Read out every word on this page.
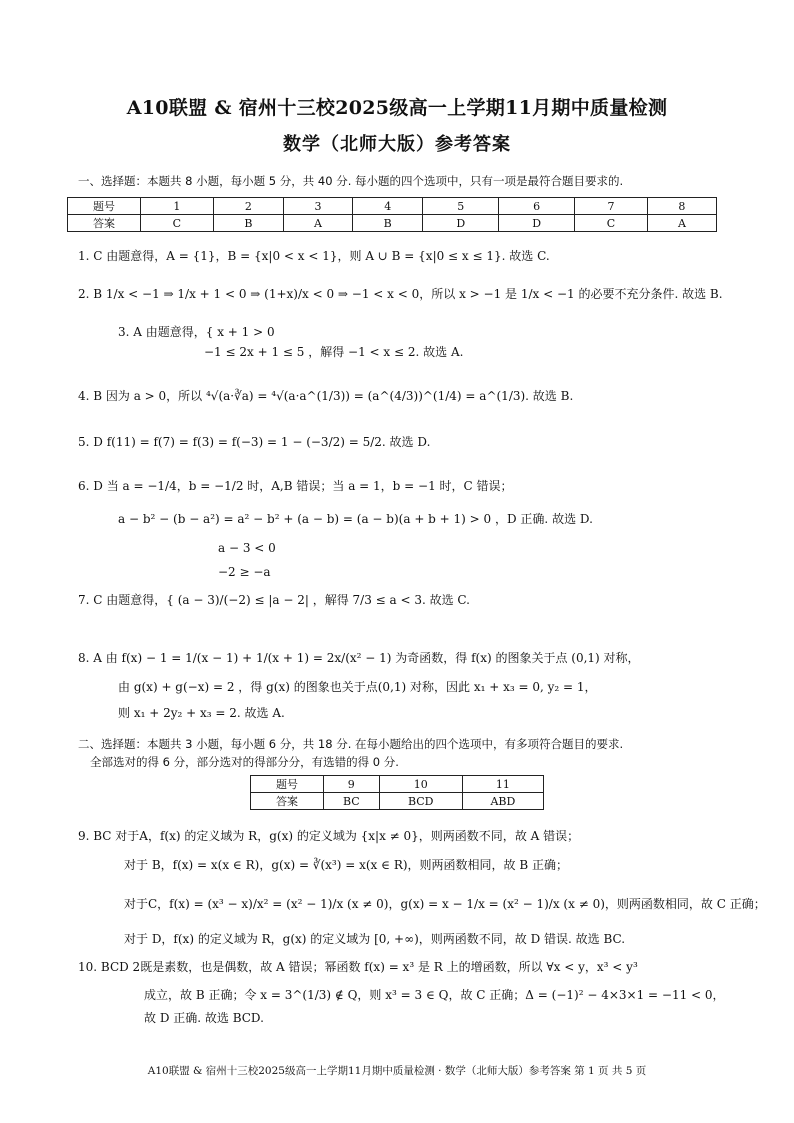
A10联盟 & 宿州十三校2025级高一上学期11月期中质量检测
数学（北师大版）参考答案
一、选择题：本题共 8 小题，每小题 5 分，共 40 分. 每小题的四个选项中，只有一项是最符合题目要求的.
题号	1	2	3	4	5	6	7	8
答案	C	B	A	B	D	D	C	A
1. C 由题意得，A = {1}，B = {x|0 < x < 1}，则 A ∪ B = {x|0 ≤ x ≤ 1}. 故选 C.
2. B 1/x < −1 ⇒ 1/x + 1 < 0 ⇒ (1+x)/x < 0 ⇒ −1 < x < 0，所以 x > −1 是 1/x < −1 的必要不充分条件. 故选 B.
3. A 由题意得，{ x + 1 > 0
−1 ≤ 2x + 1 ≤ 5 ，解得 −1 < x ≤ 2. 故选 A.
4. B 因为 a > 0，所以 ⁴√(a·∛a) = ⁴√(a·a^(1/3)) = (a^(4/3))^(1/4) = a^(1/3). 故选 B.
5. D f(11) = f(7) = f(3) = f(−3) = 1 − (−3/2) = 5/2. 故选 D.
6. D 当 a = −1/4，b = −1/2 时，A,B 错误；当 a = 1，b = −1 时，C 错误；
a − b² − (b − a²) = a² − b² + (a − b) = (a − b)(a + b + 1) > 0 ，D 正确. 故选 D.
a − 3 < 0
−2 ≥ −a
7. C 由题意得，{ (a − 3)/(−2) ≤ |a − 2| ，解得 7/3 ≤ a < 3. 故选 C.
8. A 由 f(x) − 1 = 1/(x − 1) + 1/(x + 1) = 2x/(x² − 1) 为奇函数，得 f(x) 的图象关于点 (0,1) 对称，
由 g(x) + g(−x) = 2 ，得 g(x) 的图象也关于点(0,1) 对称，因此 x₁ + x₃ = 0, y₂ = 1，
则 x₁ + 2y₂ + x₃ = 2. 故选 A.
二、选择题：本题共 3 小题，每小题 6 分，共 18 分. 在每小题给出的四个选项中，有多项符合题目的要求.
全部选对的得 6 分，部分选对的得部分分，有选错的得 0 分.
题号	9	10	11
答案	BC	BCD	ABD
9. BC 对于A，f(x) 的定义域为 R，g(x) 的定义域为 {x|x ≠ 0}，则两函数不同，故 A 错误；
对于 B，f(x) = x(x ∈ R)，g(x) = ∛(x³) = x(x ∈ R)，则两函数相同，故 B 正确；
对于C，f(x) = (x³ − x)/x² = (x² − 1)/x (x ≠ 0)，g(x) = x − 1/x = (x² − 1)/x (x ≠ 0)，则两函数相同，故 C 正确；
对于 D，f(x) 的定义域为 R，g(x) 的定义域为 [0, +∞)，则两函数不同，故 D 错误. 故选 BC.
10. BCD 2既是素数，也是偶数，故 A 错误；幂函数 f(x) = x³ 是 R 上的增函数，所以 ∀x < y，x³ < y³
成立，故 B 正确；令 x = 3^(1/3) ∉ Q，则 x³ = 3 ∈ Q，故 C 正确；Δ = (−1)² − 4×3×1 = −11 < 0，
故 D 正确. 故选 BCD.
A10联盟 & 宿州十三校2025级高一上学期11月期中质量检测 · 数学（北师大版）参考答案 第 1 页 共 5 页
